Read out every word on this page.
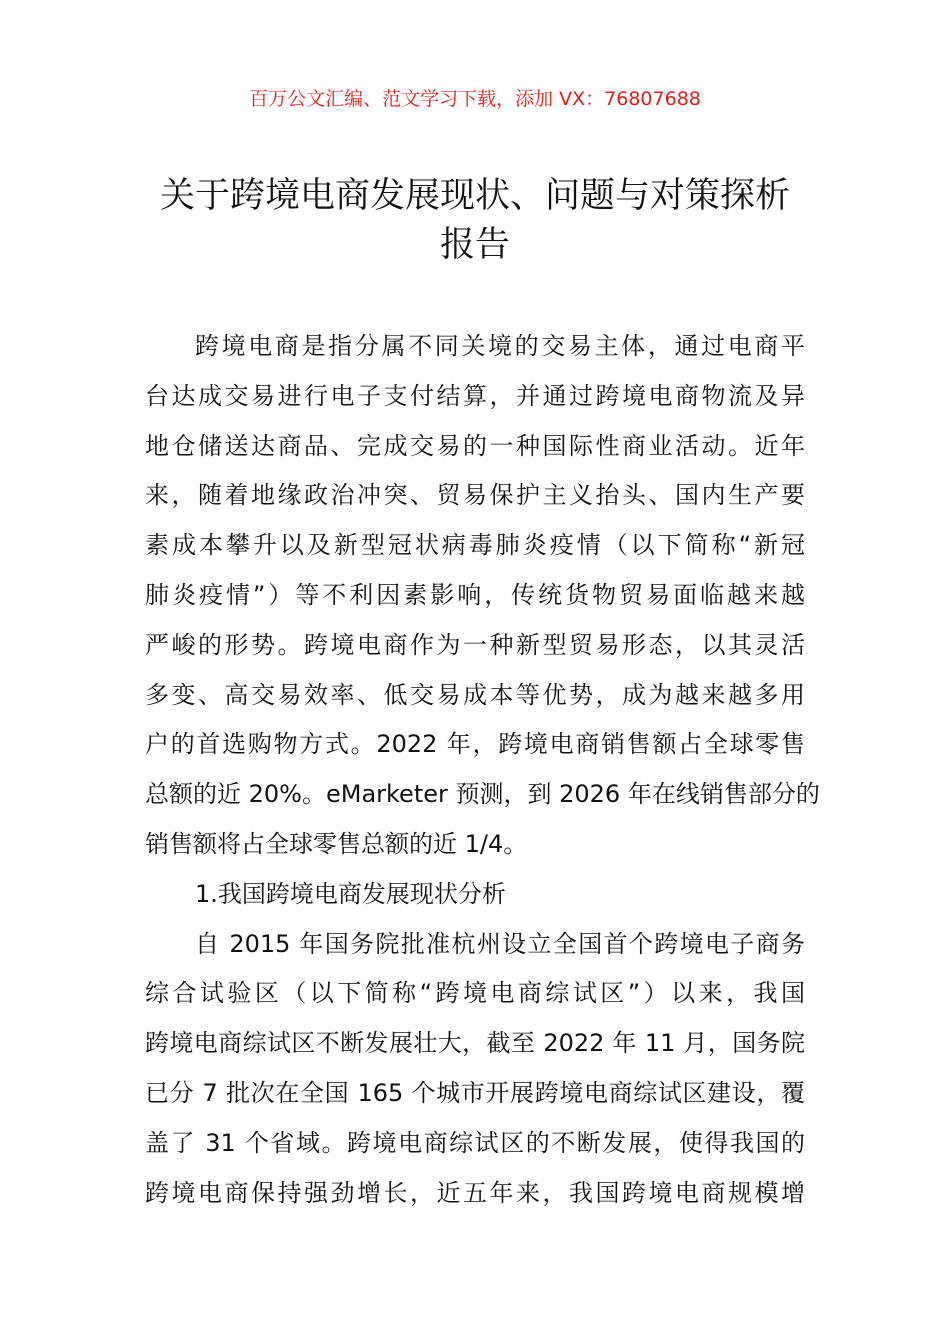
百万公文汇编、范文学习下载，添加 VX：76807688
关于跨境电商发展现状、问题与对策探析
报告
跨境电商是指分属不同关境的交易主体，通过电商平
台达成交易进行电子支付结算，并通过跨境电商物流及异
地仓储送达商品、完成交易的一种国际性商业活动。近年
来，随着地缘政治冲突、贸易保护主义抬头、国内生产要
素成本攀升以及新型冠状病毒肺炎疫情（以下简称“新冠
肺炎疫情”）等不利因素影响，传统货物贸易面临越来越
严峻的形势。跨境电商作为一种新型贸易形态，以其灵活
多变、高交易效率、低交易成本等优势，成为越来越多用
户的首选购物方式。2022 年，跨境电商销售额占全球零售
总额的近 20%。eMarketer 预测，到 2026 年在线销售部分的
销售额将占全球零售总额的近 1/4。
1.我国跨境电商发展现状分析
自 2015 年国务院批准杭州设立全国首个跨境电子商务
综合试验区（以下简称“跨境电商综试区”）以来，我国
跨境电商综试区不断发展壮大，截至 2022 年 11 月，国务院
已分 7 批次在全国 165 个城市开展跨境电商综试区建设，覆
盖了 31 个省域。跨境电商综试区的不断发展，使得我国的
跨境电商保持强劲增长，近五年来，我国跨境电商规模增
